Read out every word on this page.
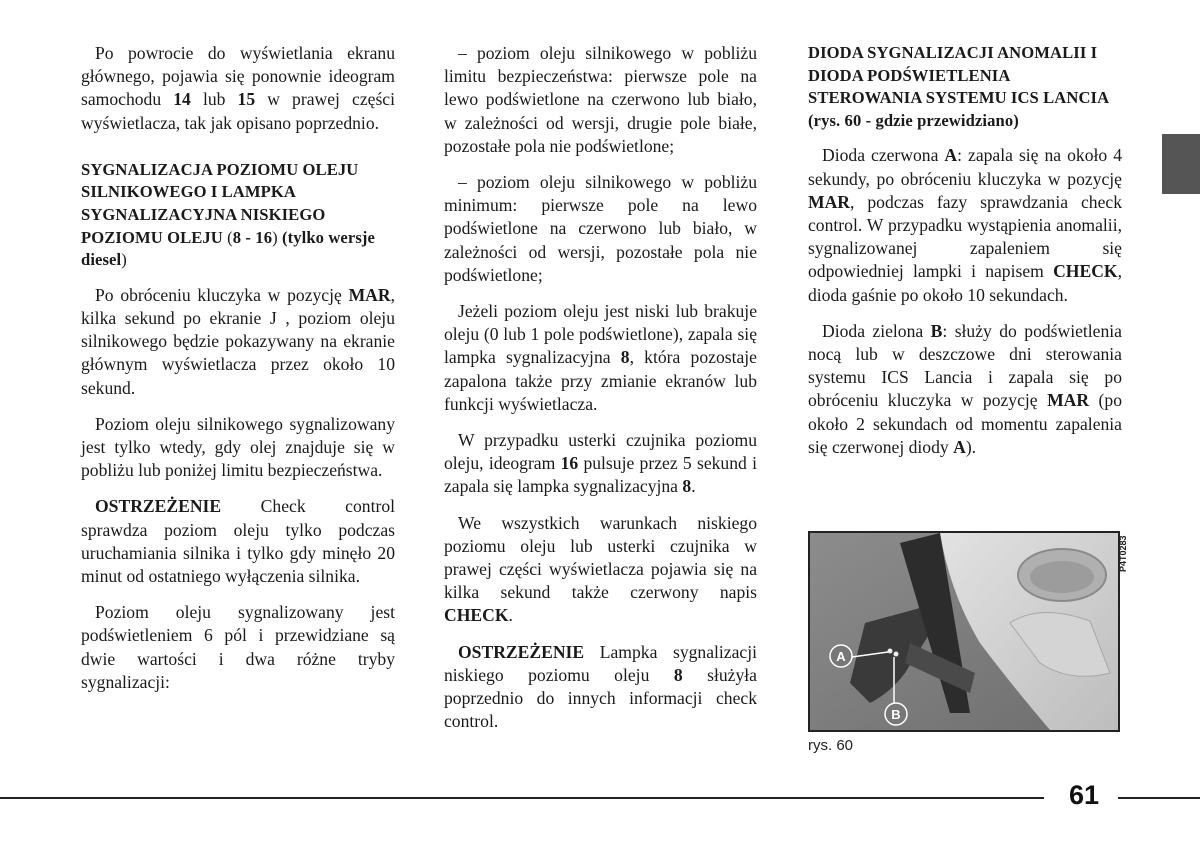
Po powrocie do wyświetlania ekranu głównego, pojawia się ponownie ideogram samochodu 14 lub 15 w prawej części wyświetlacza, tak jak opisano poprzednio.

SYGNALIZACJA POZIOMU OLEJU SILNIKOWEGO I LAMPKA SYGNALIZACYJNA NISKIEGO POZIOMU OLEJU (8 - 16) (tylko wersje diesel)

Po obróceniu kluczyka w pozycję MAR, kilka sekund po ekranie J , poziom oleju silnikowego będzie pokazywany na ekranie głównym wyświetlacza przez około 10 sekund.

Poziom oleju silnikowego sygnalizowany jest tylko wtedy, gdy olej znajduje się w pobliżu lub poniżej limitu bezpieczeństwa.

OSTRZEŻENIE Check control sprawdza poziom oleju tylko podczas uruchamiania silnika i tylko gdy minęło 20 minut od ostatniego wyłączenia silnika.

Poziom oleju sygnalizowany jest podświetleniem 6 pól i przewidziane są dwie wartości i dwa różne tryby sygnalizacji:

– poziom oleju silnikowego w pobliżu limitu bezpieczeństwa: pierwsze pole na lewo podświetlone na czerwono lub biało, w zależności od wersji, drugie pole białe, pozostałe pola nie podświetlone;

– poziom oleju silnikowego w pobliżu minimum: pierwsze pole na lewo podświetlone na czerwono lub biało, w zależności od wersji, pozostałe pola nie podświetlone;

Jeżeli poziom oleju jest niski lub brakuje oleju (0 lub 1 pole podświetlone), zapala się lampka sygnalizacyjna 8, która pozostaje zapalona także przy zmianie ekranów lub funkcji wyświetlacza.

W przypadku usterki czujnika poziomu oleju, ideogram 16 pulsuje przez 5 sekund i zapala się lampka sygnalizacyjna 8.

We wszystkich warunkach niskiego poziomu oleju lub usterki czujnika w prawej części wyświetlacza pojawia się na kilka sekund także czerwony napis CHECK.

OSTRZEŻENIE Lampka sygnalizacji niskiego poziomu oleju 8 służyła poprzednio do innych informacji check control.

DIODA SYGNALIZACJI ANOMALII I DIODA PODŚWIETLENIA STEROWANIA SYSTEMU ICS LANCIA
(rys. 60 - gdzie przewidziano)

Dioda czerwona A: zapala się na około 4 sekundy, po obróceniu kluczyka w pozycję MAR, podczas fazy sprawdzania check control. W przypadku wystąpienia anomalii, sygnalizowanej zapaleniem się odpowiedniej lampki i napisem CHECK, dioda gaśnie po około 10 sekundach.

Dioda zielona B: służy do podświetlenia nocą lub w deszczowe dni sterowania systemu ICS Lancia i zapala się po obróceniu kluczyka w pozycję MAR (po około 2 sekundach od momentu zapalenia się czerwonej diody A).

A
B
P4T0283
rys. 60
61
